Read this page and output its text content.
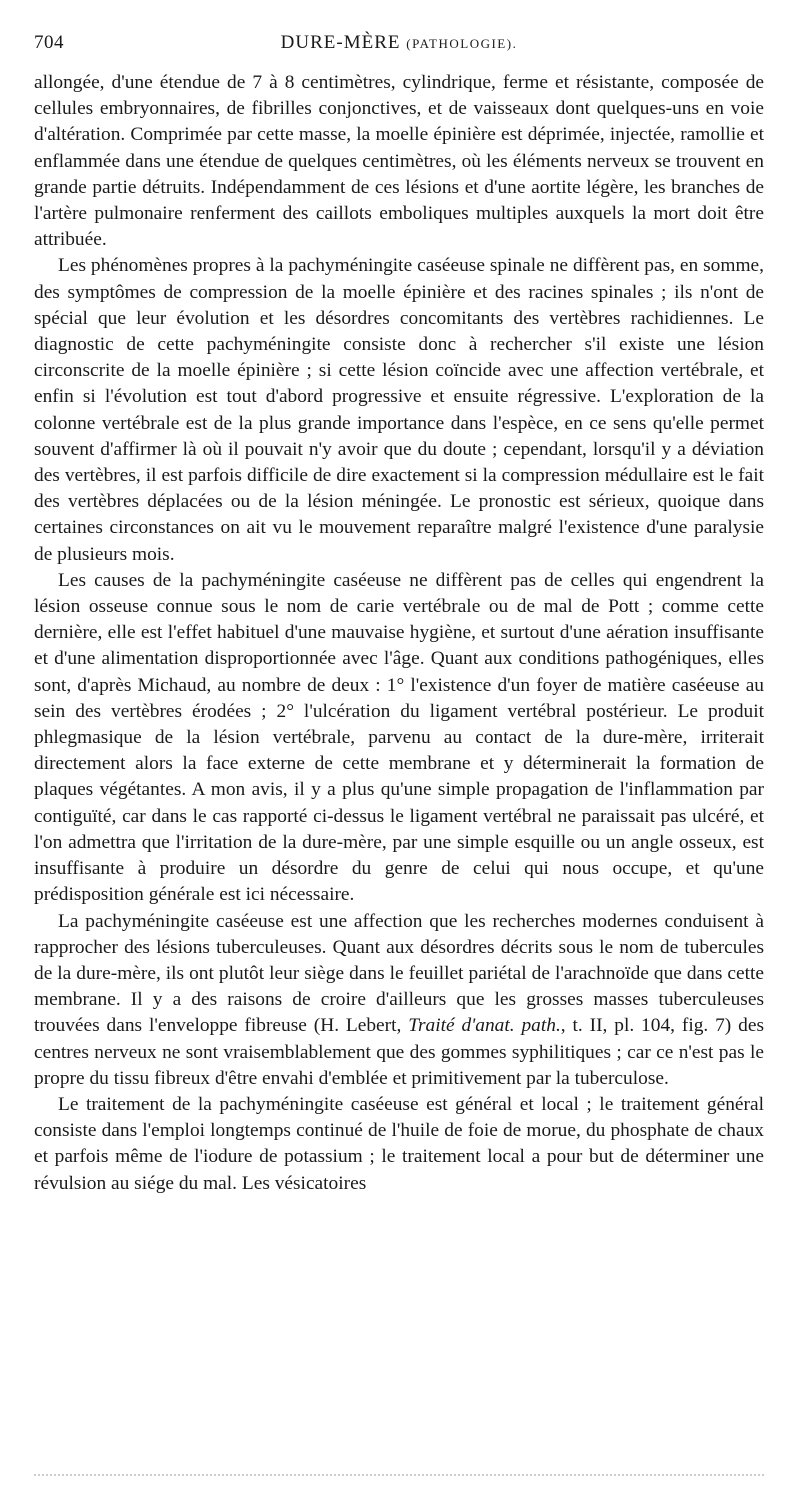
704	DURE-MÈRE (PATHOLOGIE).

allongée, d'une étendue de 7 à 8 centimètres, cylindrique, ferme et résistante, composée de cellules embryonnaires, de fibrilles conjonctives, et de vaisseaux dont quelques-uns en voie d'altération. Comprimée par cette masse, la moelle épinière est déprimée, injectée, ramollie et enflammée dans une étendue de quelques centimètres, où les éléments nerveux se trouvent en grande partie détruits. Indépendamment de ces lésions et d'une aortite légère, les branches de l'artère pulmonaire renferment des caillots emboliques multiples auxquels la mort doit être attribuée.

Les phénomènes propres à la pachyméningite caséeuse spinale ne diffèrent pas, en somme, des symptômes de compression de la moelle épinière et des racines spinales ; ils n'ont de spécial que leur évolution et les désordres concomitants des vertèbres rachidiennes. Le diagnostic de cette pachyméningite consiste donc à rechercher s'il existe une lésion circonscrite de la moelle épinière ; si cette lésion coïncide avec une affection vertébrale, et enfin si l'évolution est tout d'abord progressive et ensuite régressive. L'exploration de la colonne vertébrale est de la plus grande importance dans l'espèce, en ce sens qu'elle permet souvent d'affirmer là où il pouvait n'y avoir que du doute ; cependant, lorsqu'il y a déviation des vertèbres, il est parfois difficile de dire exactement si la compression médullaire est le fait des vertèbres déplacées ou de la lésion méningée. Le pronostic est sérieux, quoique dans certaines circonstances on ait vu le mouvement reparaître malgré l'existence d'une paralysie de plusieurs mois.

Les causes de la pachyméningite caséeuse ne diffèrent pas de celles qui engendrent la lésion osseuse connue sous le nom de carie vertébrale ou de mal de Pott ; comme cette dernière, elle est l'effet habituel d'une mauvaise hygiène, et surtout d'une aération insuffisante et d'une alimentation disproportionnée avec l'âge. Quant aux conditions pathogéniques, elles sont, d'après Michaud, au nombre de deux : 1° l'existence d'un foyer de matière caséeuse au sein des vertèbres érodées ; 2° l'ulcération du ligament vertébral postérieur. Le produit phlegmasique de la lésion vertébrale, parvenu au contact de la dure-mère, irriterait directement alors la face externe de cette membrane et y déterminerait la formation de plaques végétantes. A mon avis, il y a plus qu'une simple propagation de l'inflammation par contiguïté, car dans le cas rapporté ci-dessus le ligament vertébral ne paraissait pas ulcéré, et l'on admettra que l'irritation de la dure-mère, par une simple esquille ou un angle osseux, est insuffisante à produire un désordre du genre de celui qui nous occupe, et qu'une prédisposition générale est ici nécessaire.

La pachyméningite caséeuse est une affection que les recherches modernes conduisent à rapprocher des lésions tuberculeuses. Quant aux désordres décrits sous le nom de tubercules de la dure-mère, ils ont plutôt leur siège dans le feuillet pariétal de l'arachnoïde que dans cette membrane. Il y a des raisons de croire d'ailleurs que les grosses masses tuberculeuses trouvées dans l'enveloppe fibreuse (H. Lebert, Traité d'anat. path., t. II, pl. 104, fig. 7) des centres nerveux ne sont vraisemblablement que des gommes syphilitiques ; car ce n'est pas le propre du tissu fibreux d'être envahi d'emblée et primitivement par la tuberculose.

Le traitement de la pachyméningite caséeuse est général et local ; le traitement général consiste dans l'emploi longtemps continué de l'huile de foie de morue, du phosphate de chaux et parfois même de l'iodure de potassium ; le traitement local a pour but de déterminer une révulsion au siége du mal. Les vésicatoires
